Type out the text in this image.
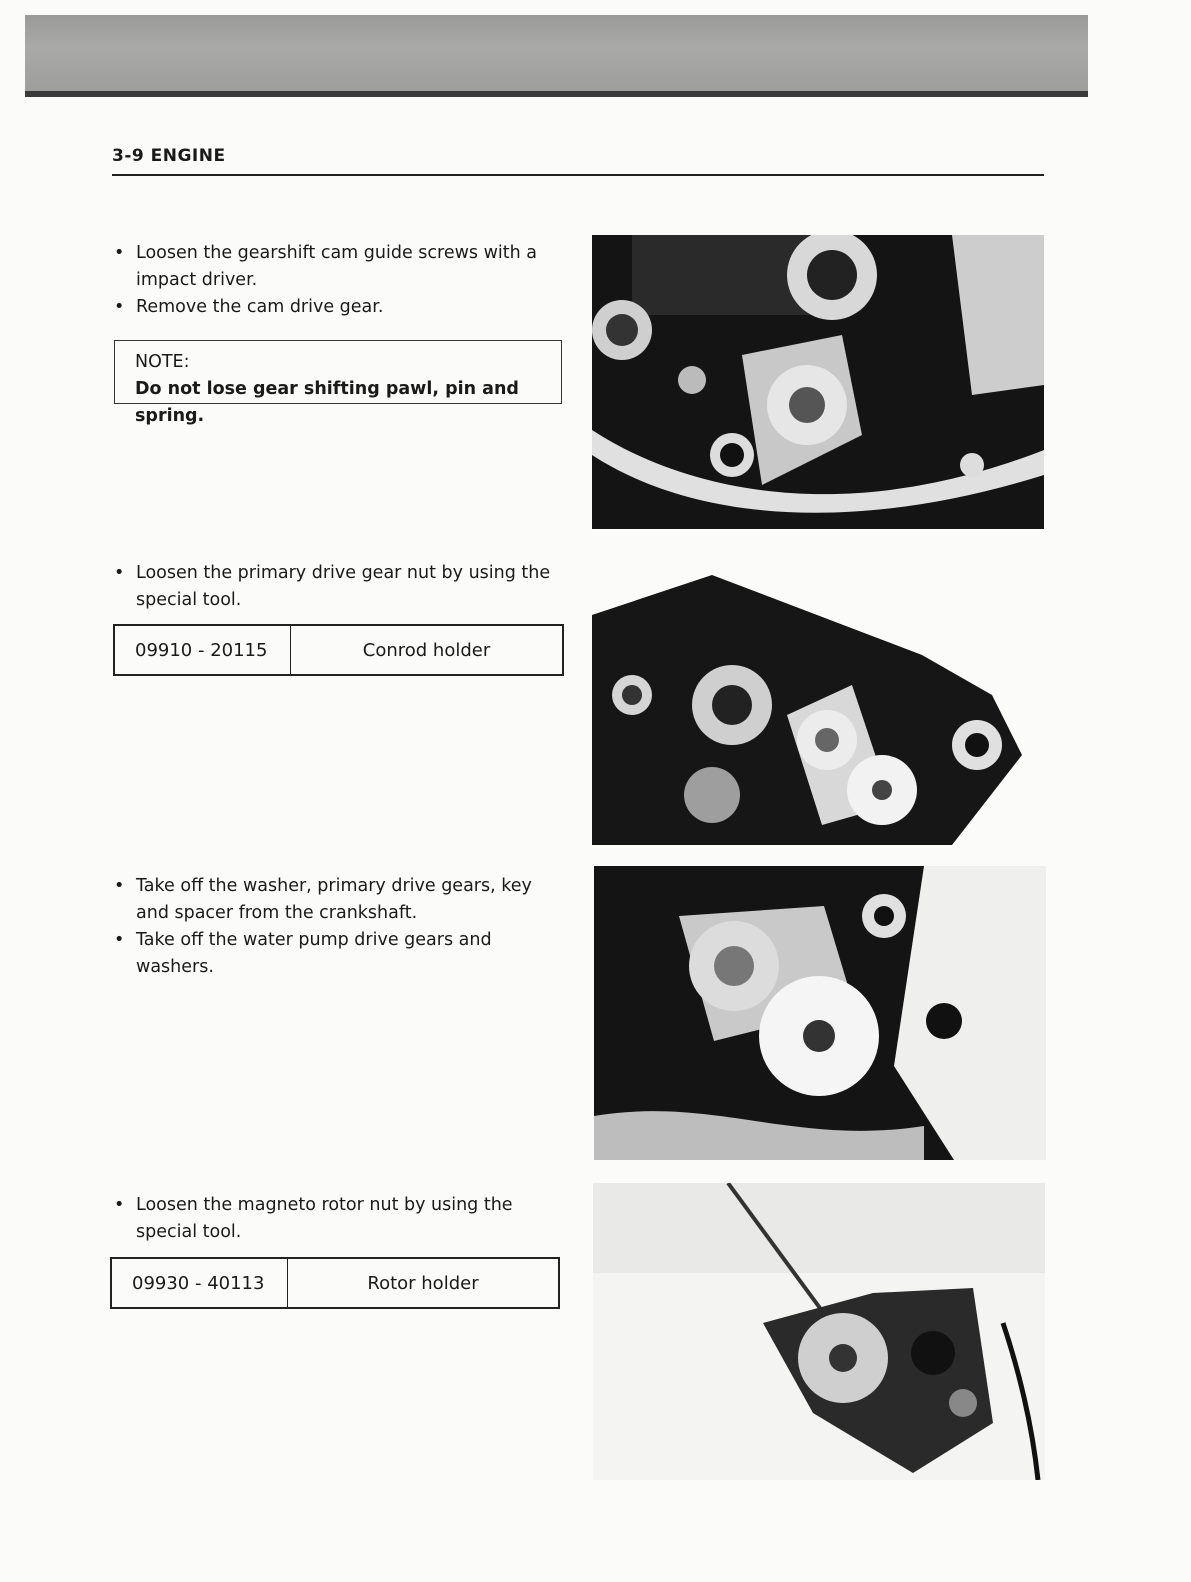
3-9 ENGINE

• Loosen the gearshift cam guide screws with a impact driver.

• Remove the cam drive gear.

NOTE:
Do not lose gear shifting pawl, pin and spring.

• Loosen the primary drive gear nut by using the special tool.

09910 - 20115	Conrod holder

• Take off the washer, primary drive gears, key and spacer from the crankshaft.

• Take off the water pump drive gears and washers.

• Loosen the magneto rotor nut by using the special tool.

09930 - 40113	Rotor holder
